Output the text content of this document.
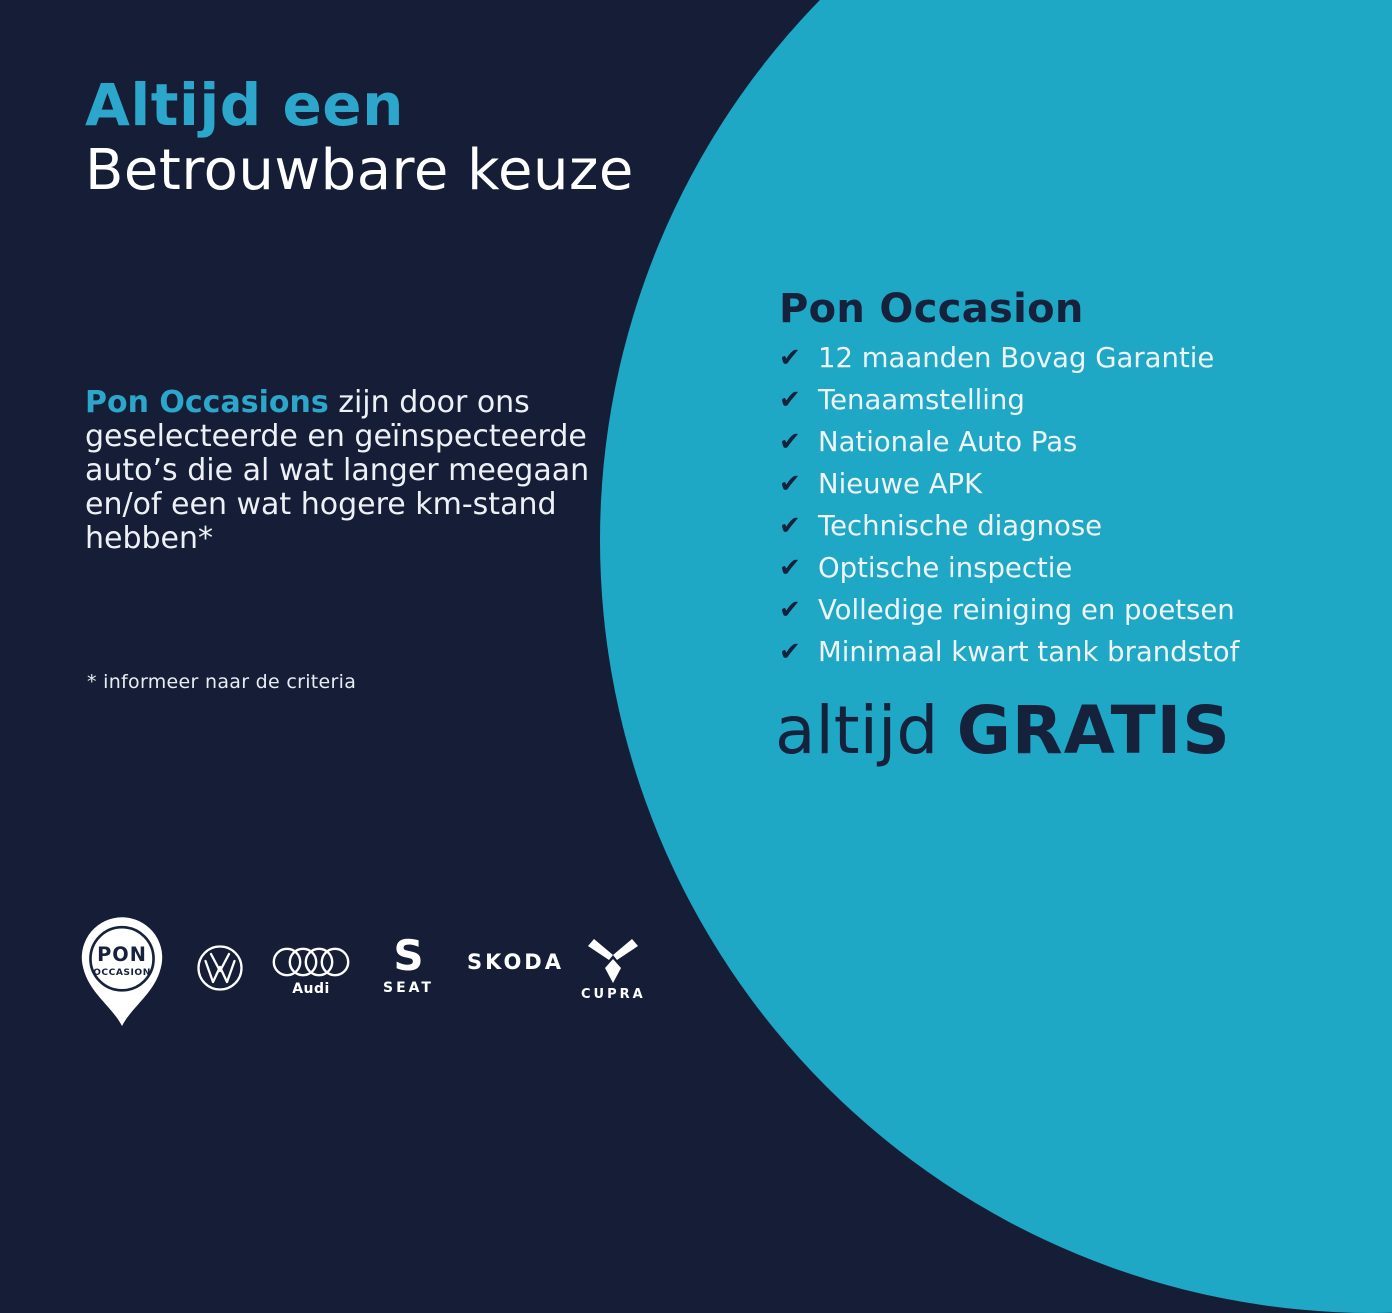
Altijd een
Betrouwbare keuze
Pon Occasions zijn door ons
geselecteerde en geïnspecteerde
auto’s die al wat langer meegaan
en/of een wat hogere km-stand
hebben*
* informeer naar de criteria
Pon Occasion
✔ 12 maanden Bovag Garantie
✔ Tenaamstelling
✔ Nationale Auto Pas
✔ Nieuwe APK
✔ Technische diagnose
✔ Optische inspectie
✔ Volledige reiniging en poetsen
✔ Minimaal kwart tank brandstof
altijd GRATIS
PON
OCCASION
Audi
S
SEAT
SKODA
CUPRA
